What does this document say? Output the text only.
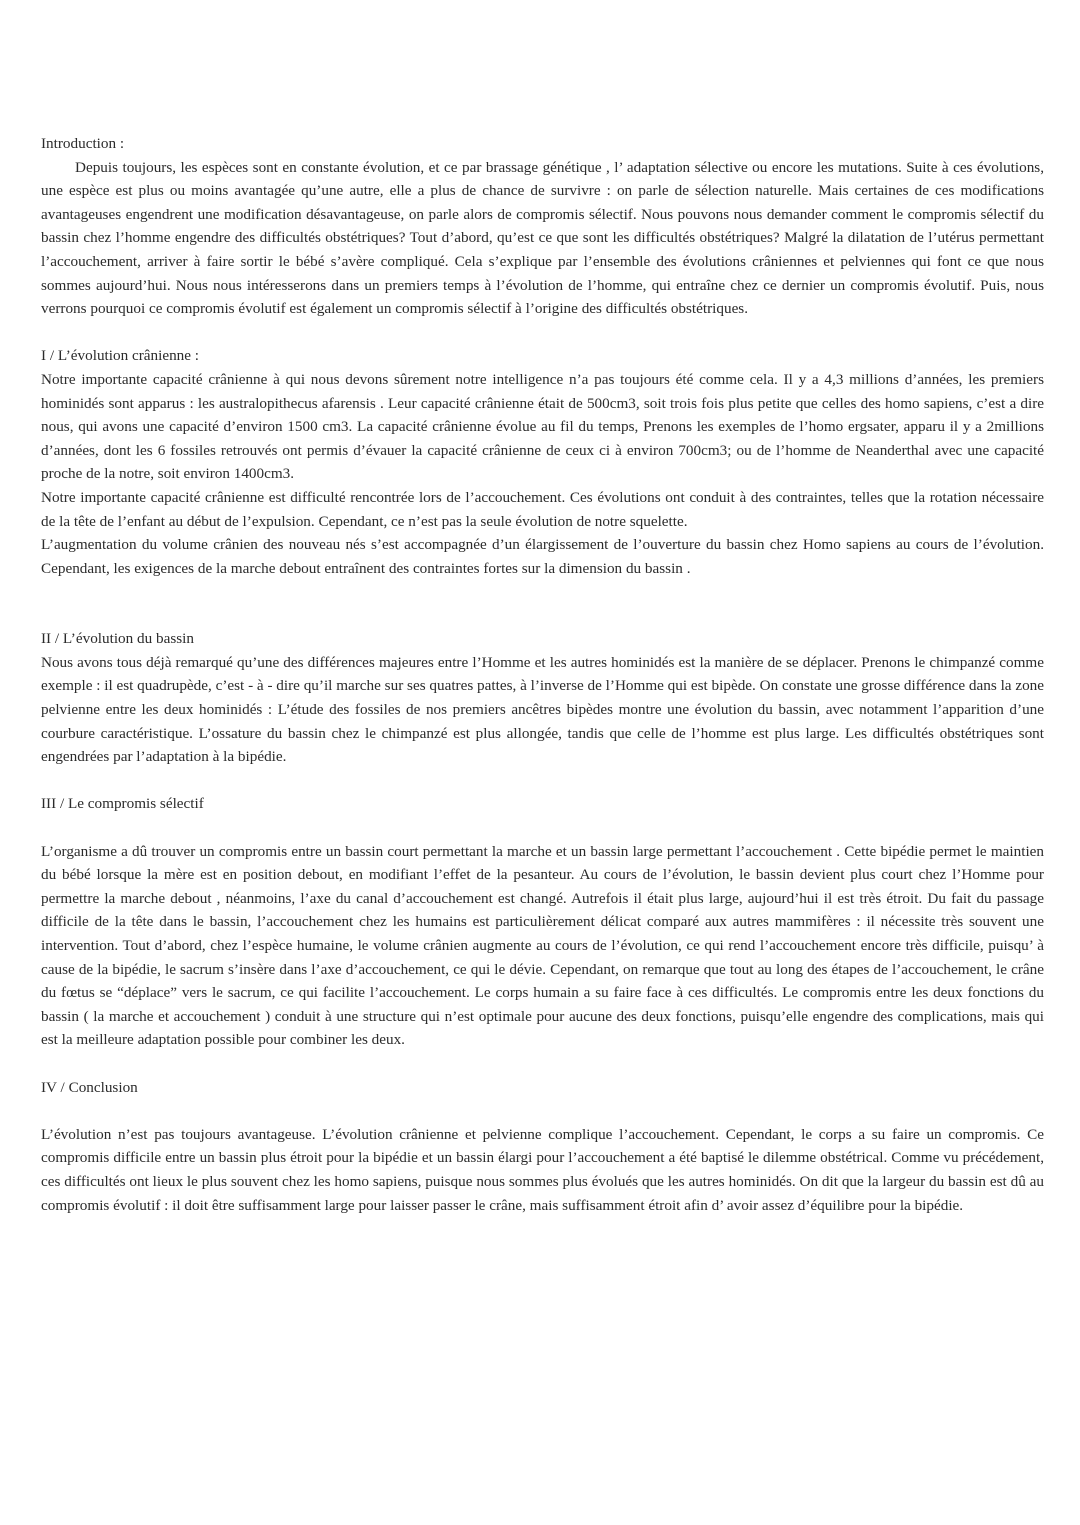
Introduction :

Depuis toujours, les espèces sont en constante évolution, et ce par brassage génétique , l’ adaptation sélective ou encore les mutations. Suite à ces évolutions, une espèce est plus ou moins avantagée qu’une autre, elle a plus de chance de survivre : on parle de sélection naturelle. Mais certaines de ces modifications avantageuses engendrent une modification désavantageuse, on parle alors de compromis sélectif. Nous pouvons nous demander comment le compromis sélectif du bassin chez l’homme engendre des difficultés obstétriques? Tout d’abord, qu’est ce que sont les difficultés obstétriques? Malgré la dilatation de l’utérus permettant l’accouchement, arriver à faire sortir le bébé s’avère compliqué. Cela s’explique par l’ensemble des évolutions crâniennes et pelviennes qui font ce que nous sommes aujourd’hui. Nous nous intéresserons dans un premiers temps à l’évolution de l’homme, qui entraîne chez ce dernier un compromis évolutif. Puis, nous verrons pourquoi ce compromis évolutif est également un compromis sélectif à l’origine des difficultés obstétriques.

I / L’évolution crânienne :

Notre importante capacité crânienne à qui nous devons sûrement notre intelligence n’a pas toujours été comme cela. Il y a 4,3 millions d’années, les premiers hominidés sont apparus : les australopithecus afarensis . Leur capacité crânienne était de 500cm3, soit trois fois plus petite que celles des homo sapiens, c’est a dire nous, qui avons une capacité d’environ 1500 cm3. La capacité crânienne évolue au fil du temps, Prenons les exemples de l’homo ergsater, apparu il y a 2millions d’années, dont les 6 fossiles retrouvés ont permis d’évauer la capacité crânienne de ceux ci à environ 700cm3; ou de l’homme de Neanderthal avec une capacité proche de la notre, soit environ 1400cm3.

Notre importante capacité crânienne est difficulté rencontrée lors de l’accouchement. Ces évolutions ont conduit à des contraintes, telles que la rotation nécessaire de la tête de l’enfant au début de l’expulsion. Cependant, ce n’est pas la seule évolution de notre squelette.

L’augmentation du volume crânien des nouveau nés s’est accompagnée d’un élargissement de l’ouverture du bassin chez Homo sapiens au cours de l’évolution. Cependant, les exigences de la marche debout entraînent des contraintes fortes sur la dimension du bassin .

II / L’évolution du bassin

Nous avons tous déjà remarqué qu’une des différences majeures entre l’Homme et les autres hominidés est la manière de se déplacer. Prenons le chimpanzé comme exemple : il est quadrupède, c’est - à - dire qu’il marche sur ses quatres pattes, à l’inverse de l’Homme qui est bipède. On constate une grosse différence dans la zone pelvienne entre les deux hominidés : L’étude des fossiles de nos premiers ancêtres bipèdes montre une évolution du bassin, avec notamment l’apparition d’une courbure caractéristique. L’ossature du bassin chez le chimpanzé est plus allongée, tandis que celle de l’homme est plus large. Les difficultés obstétriques sont engendrées par l’adaptation à la bipédie.

III / Le compromis sélectif

L’organisme a dû trouver un compromis entre un bassin court permettant la marche et un bassin large permettant l’accouchement . Cette bipédie permet le maintien du bébé lorsque la mère est en position debout, en modifiant l’effet de la pesanteur. Au cours de l’évolution, le bassin devient plus court chez l’Homme pour permettre la marche debout , néanmoins, l’axe du canal d’accouchement est changé. Autrefois il était plus large, aujourd’hui il est très étroit. Du fait du passage difficile de la tête dans le bassin, l’accouchement chez les humains est particulièrement délicat comparé aux autres mammifères : il nécessite très souvent une intervention. Tout d’abord, chez l’espèce humaine, le volume crânien augmente au cours de l’évolution, ce qui rend l’accouchement encore très difficile, puisqu’ à cause de la bipédie, le sacrum s’insère dans l’axe d’accouchement, ce qui le dévie. Cependant, on remarque que tout au long des étapes de l’accouchement, le crâne du fœtus se “déplace” vers le sacrum, ce qui facilite l’accouchement. Le corps humain a su faire face à ces difficultés. Le compromis entre les deux fonctions du bassin ( la marche et accouchement ) conduit à une structure qui n’est optimale pour aucune des deux fonctions, puisqu’elle engendre des complications, mais qui est la meilleure adaptation possible pour combiner les deux.

IV / Conclusion

L’évolution n’est pas toujours avantageuse. L’évolution crânienne et pelvienne complique l’accouchement. Cependant, le corps a su faire un compromis. Ce compromis difficile entre un bassin plus étroit pour la bipédie et un bassin élargi pour l’accouchement a été baptisé le dilemme obstétrical. Comme vu précédement, ces difficultés ont lieux le plus souvent chez les homo sapiens, puisque nous sommes plus évolués que les autres hominidés. On dit que la largeur du bassin est dû au compromis évolutif : il doit être suffisamment large pour laisser passer le crâne, mais suffisamment étroit afin d’ avoir assez d’équilibre pour la bipédie.
